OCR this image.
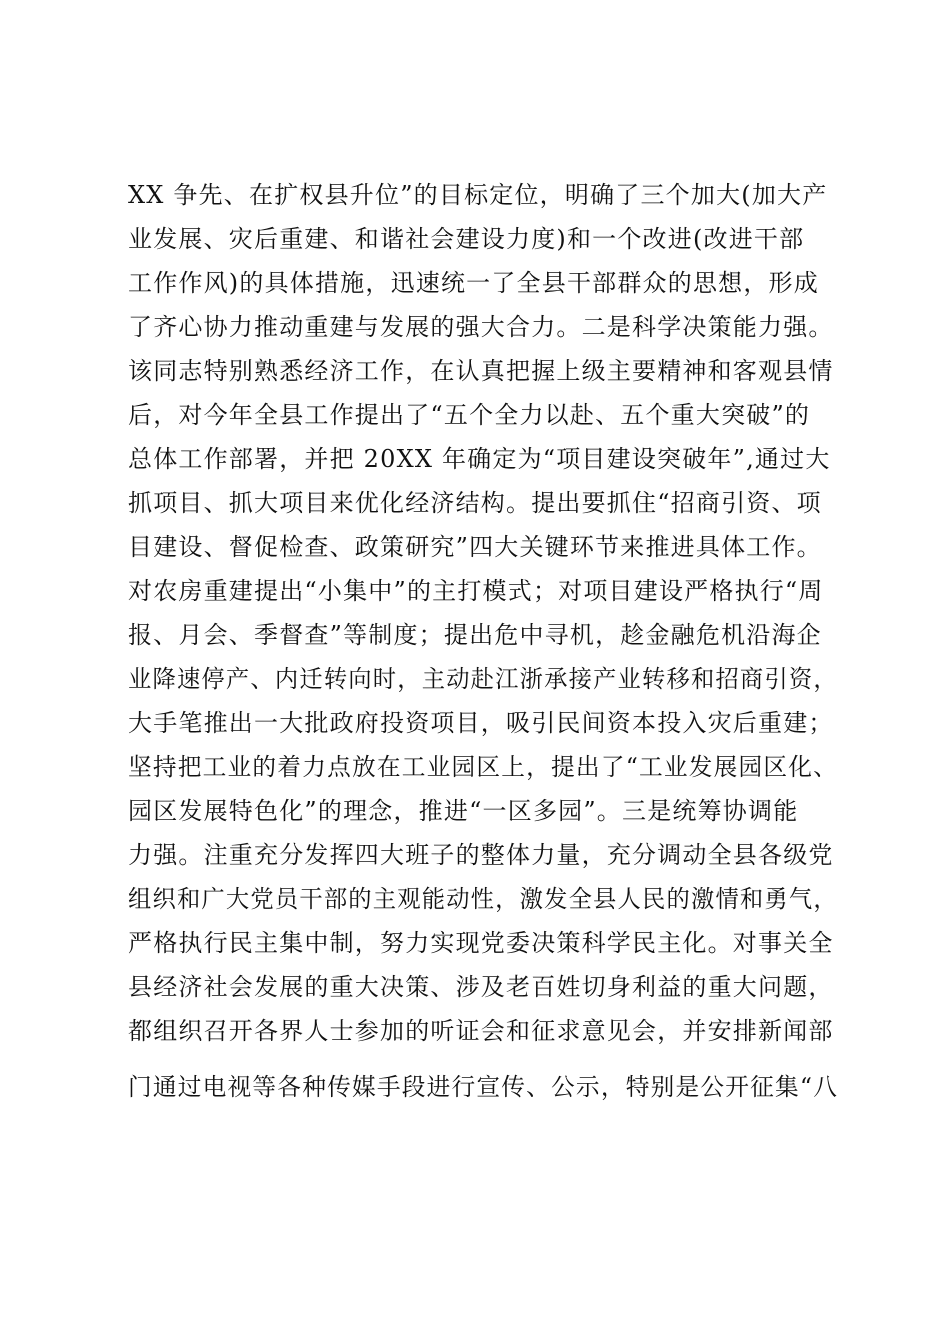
XX 争先、在扩权县升位”的目标定位，明确了三个加大(加大产
业发展、灾后重建、和谐社会建设力度)和一个改进(改进干部
工作作风)的具体措施，迅速统一了全县干部群众的思想，形成
了齐心协力推动重建与发展的强大合力。二是科学决策能力强。
该同志特别熟悉经济工作，在认真把握上级主要精神和客观县情
后，对今年全县工作提出了“五个全力以赴、五个重大突破”的
总体工作部署，并把 20XX 年确定为“项目建设突破年”,通过大
抓项目、抓大项目来优化经济结构。提出要抓住“招商引资、项
目建设、督促检查、政策研究”四大关键环节来推进具体工作。
对农房重建提出“小集中”的主打模式；对项目建设严格执行“周
报、月会、季督查”等制度；提出危中寻机，趁金融危机沿海企
业降速停产、内迁转向时，主动赴江浙承接产业转移和招商引资，
大手笔推出一大批政府投资项目，吸引民间资本投入灾后重建；
坚持把工业的着力点放在工业园区上，提出了“工业发展园区化、
园区发展特色化”的理念，推进“一区多园”。三是统筹协调能
力强。注重充分发挥四大班子的整体力量，充分调动全县各级党
组织和广大党员干部的主观能动性，激发全县人民的激情和勇气，
严格执行民主集中制，努力实现党委决策科学民主化。对事关全
县经济社会发展的重大决策、涉及老百姓切身利益的重大问题，
都组织召开各界人士参加的听证会和征求意见会，并安排新闻部
门通过电视等各种传媒手段进行宣传、公示，特别是公开征集“八
